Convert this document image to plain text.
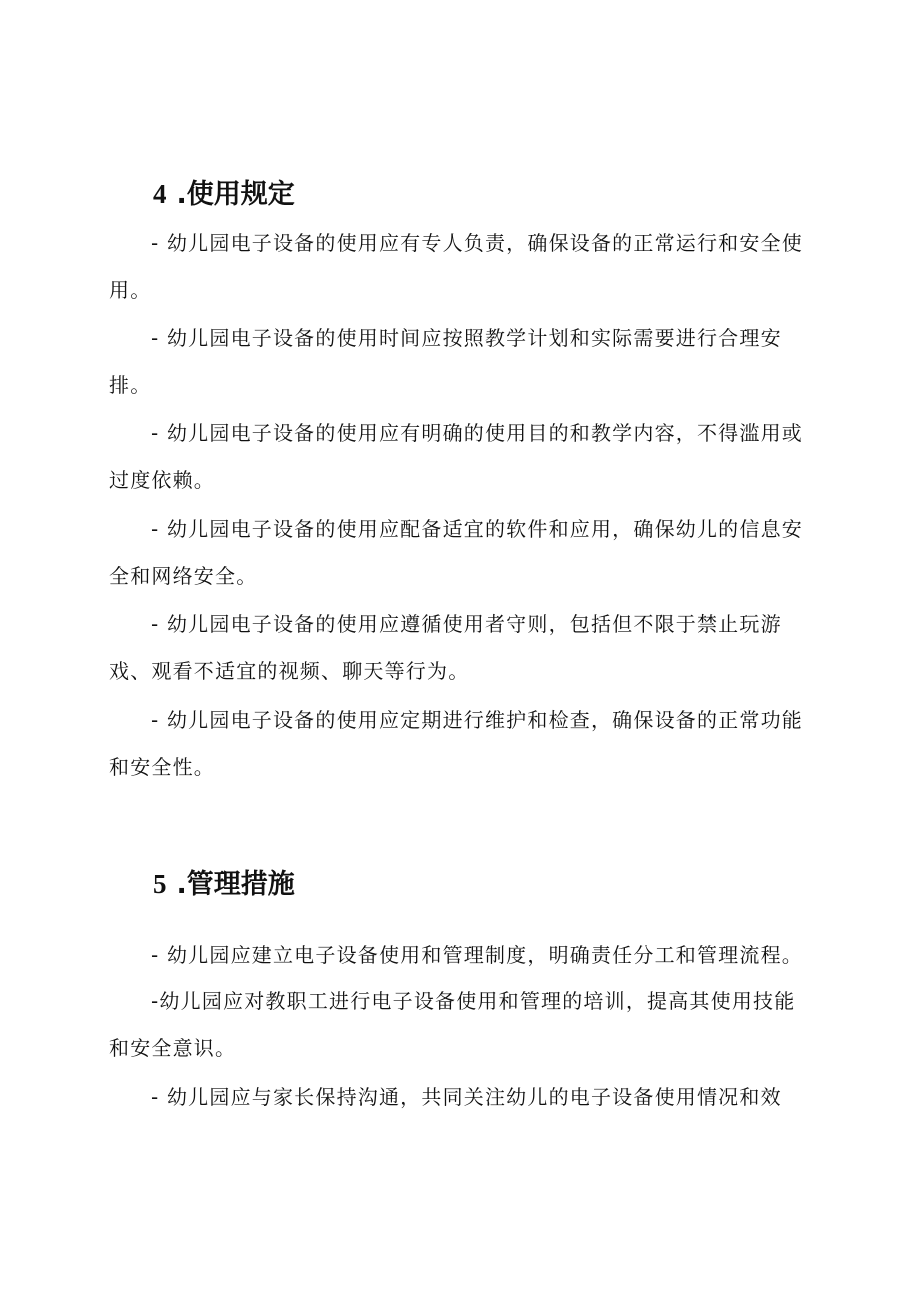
4 .使用规定

- 幼儿园电子设备的使用应有专人负责，确保设备的正常运行和安全使用。

- 幼儿园电子设备的使用时间应按照教学计划和实际需要进行合理安排。

- 幼儿园电子设备的使用应有明确的使用目的和教学内容，不得滥用或过度依赖。

- 幼儿园电子设备的使用应配备适宜的软件和应用，确保幼儿的信息安全和网络安全。

- 幼儿园电子设备的使用应遵循使用者守则，包括但不限于禁止玩游戏、观看不适宜的视频、聊天等行为。

- 幼儿园电子设备的使用应定期进行维护和检查，确保设备的正常功能和安全性。

5 .管理措施

- 幼儿园应建立电子设备使用和管理制度，明确责任分工和管理流程。

-幼儿园应对教职工进行电子设备使用和管理的培训，提高其使用技能和安全意识。

- 幼儿园应与家长保持沟通，共同关注幼儿的电子设备使用情况和效
